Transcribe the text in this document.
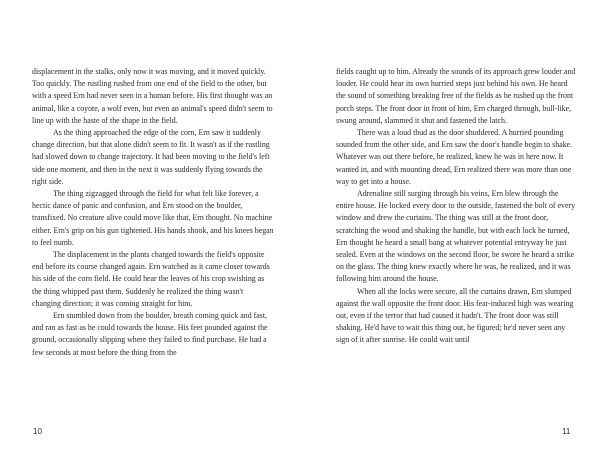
displacement in the stalks, only now it was moving, and it moved quickly. Too quickly. The rustling rushed from one end of the field to the other, but with a speed Ern had never seen in a human before. His first thought was an animal, like a coyote, a wolf even, but even an animal's speed didn't seem to line up with the haste of the shape in the field.

As the thing approached the edge of the corn, Ern saw it suddenly change direction, but that alone didn't seem to fit. It wasn't as if the rustling had slowed down to change trajectory. It had been moving to the field's left side one moment, and then in the next it was suddenly flying towards the right side.

The thing zigzagged through the field for what felt like forever, a hectic dance of panic and confusion, and Ern stood on the boulder, transfixed. No creature alive could move like that, Ern thought. No machine either. Ern's grip on his gun tightened. His hands shook, and his knees began to feel numb.

The displacement in the plants charged towards the field's opposite end before its course changed again. Ern watched as it came closer towards his side of the corn field. He could hear the leaves of his crop swishing as the thing whipped past them. Suddenly he realized the thing wasn't changing direction; it was coming straight for him.

Ern stumbled down from the boulder, breath coming quick and fast, and ran as fast as he could towards the house. His feet pounded against the ground, occasionally slipping where they failed to find purchase. He had a few seconds at most before the thing from the

fields caught up to him. Already the sounds of its approach grew louder and louder. He could hear its own hurried steps just behind his own. He heard the sound of something breaking free of the fields as he rushed up the front porch steps. The front door in front of him, Ern charged through, bull-like, swung around, slammed it shut and fastened the latch.

There was a loud thud as the door shuddered. A hurried pounding sounded from the other side, and Ern saw the door's handle begin to shake. Whatever was out there before, he realized, knew he was in here now. It wanted in, and with mounting dread, Ern realized there was more than one way to get into a house.

Adrenaline still surging through his veins, Ern blew through the entire house. He locked every door to the outside, fastened the bolt of every window and drew the curtains. The thing was still at the front door, scratching the wood and shaking the handle, but with each lock he turned, Ern thought he heard a small bang at whatever potential entryway he just sealed. Even at the windows on the second floor, he swore he heard a strike on the glass. The thing knew exactly where he was, he realized, and it was following him around the house.

When all the locks were secure, all the curtains drawn, Ern slumped against the wall opposite the front door. His fear-induced high was wearing out, even if the terror that had caused it hadn't. The front door was still shaking. He'd have to wait this thing out, he figured; he'd never seen any sign of it after sunrise. He could wait until

10	11
